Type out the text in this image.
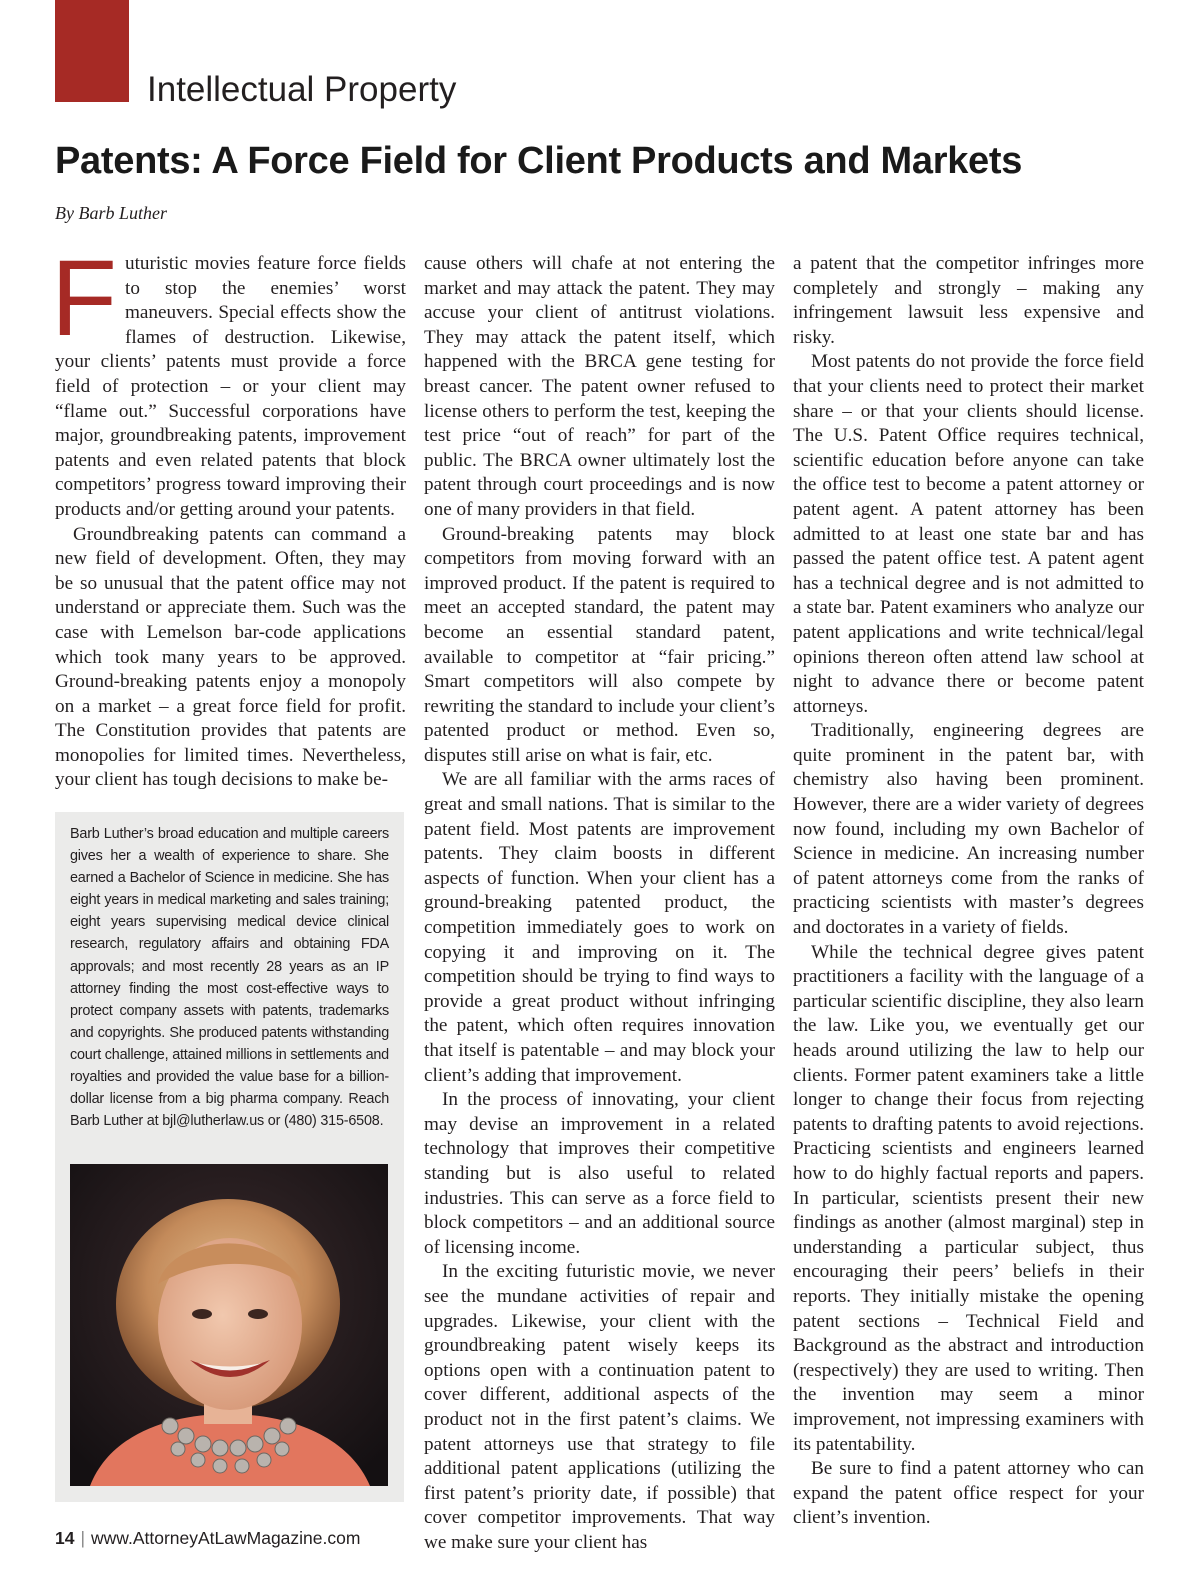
Intellectual Property
Patents: A Force Field for Client Products and Markets
By Barb Luther

Futuristic movies feature force fields to stop the enemies’ worst maneuvers. Special effects show the flames of destruction. Likewise, your clients’ patents must provide a force field of protection – or your client may “flame out.” Successful corporations have major, groundbreaking patents, improvement patents and even related patents that block competitors’ progress toward improving their products and/or getting around your patents.

Groundbreaking patents can command a new field of development. Often, they may be so unusual that the patent office may not understand or appreciate them. Such was the case with Lemelson bar-code applications which took many years to be approved. Ground-breaking patents enjoy a monopoly on a market – a great force field for profit. The Constitution provides that patents are monopolies for limited times. Nevertheless, your client has tough decisions to make be-

Barb Luther’s broad education and multiple careers gives her a wealth of experience to share. She earned a Bachelor of Science in medicine. She has eight years in medical marketing and sales training; eight years supervising medical device clinical research, regulatory affairs and obtaining FDA approvals; and most recently 28 years as an IP attorney finding the most cost-effective ways to protect company assets with patents, trademarks and copyrights. She produced patents withstanding court challenge, attained millions in settlements and royalties and provided the value base for a billion-dollar license from a big pharma company. Reach Barb Luther at bjl@lutherlaw.us or (480) 315-6508.

cause others will chafe at not entering the market and may attack the patent. They may accuse your client of antitrust violations. They may attack the patent itself, which happened with the BRCA gene testing for breast cancer. The patent owner refused to license others to perform the test, keeping the test price “out of reach” for part of the public. The BRCA owner ultimately lost the patent through court proceedings and is now one of many providers in that field.

Ground-breaking patents may block competitors from moving forward with an improved product. If the patent is required to meet an accepted standard, the patent may become an essential standard patent, available to competitor at “fair pricing.” Smart competitors will also compete by rewriting the standard to include your client’s patented product or method. Even so, disputes still arise on what is fair, etc.

We are all familiar with the arms races of great and small nations. That is similar to the patent field. Most patents are improvement patents. They claim boosts in different aspects of function. When your client has a ground-breaking patented product, the competition immediately goes to work on copying it and improving on it. The competition should be trying to find ways to provide a great product without infringing the patent, which often requires innovation that itself is patentable – and may block your client’s adding that improvement.

In the process of innovating, your client may devise an improvement in a related technology that improves their competitive standing but is also useful to related industries. This can serve as a force field to block competitors – and an additional source of licensing income.

In the exciting futuristic movie, we never see the mundane activities of repair and upgrades. Likewise, your client with the groundbreaking patent wisely keeps its options open with a continuation patent to cover different, additional aspects of the product not in the first patent’s claims. We patent attorneys use that strategy to file additional patent applications (utilizing the first patent’s priority date, if possible) that cover competitor improvements. That way we make sure your client has

a patent that the competitor infringes more completely and strongly – making any infringement lawsuit less expensive and risky.

Most patents do not provide the force field that your clients need to protect their market share – or that your clients should license. The U.S. Patent Office requires technical, scientific education before anyone can take the office test to become a patent attorney or patent agent. A patent attorney has been admitted to at least one state bar and has passed the patent office test. A patent agent has a technical degree and is not admitted to a state bar. Patent examiners who analyze our patent applications and write technical/legal opinions thereon often attend law school at night to advance there or become patent attorneys.

Traditionally, engineering degrees are quite prominent in the patent bar, with chemistry also having been prominent. However, there are a wider variety of degrees now found, including my own Bachelor of Science in medicine. An increasing number of patent attorneys come from the ranks of practicing scientists with master’s degrees and doctorates in a variety of fields.

While the technical degree gives patent practitioners a facility with the language of a particular scientific discipline, they also learn the law. Like you, we eventually get our heads around utilizing the law to help our clients. Former patent examiners take a little longer to change their focus from rejecting patents to drafting patents to avoid rejections. Practicing scientists and engineers learned how to do highly factual reports and papers. In particular, scientists present their new findings as another (almost marginal) step in understanding a particular subject, thus encouraging their peers’ beliefs in their reports. They initially mistake the opening patent sections – Technical Field and Background as the abstract and introduction (respectively) they are used to writing. Then the invention may seem a minor improvement, not impressing examiners with its patentability.

Be sure to find a patent attorney who can expand the patent office respect for your client’s invention.

14 | www.AttorneyAtLawMagazine.com
